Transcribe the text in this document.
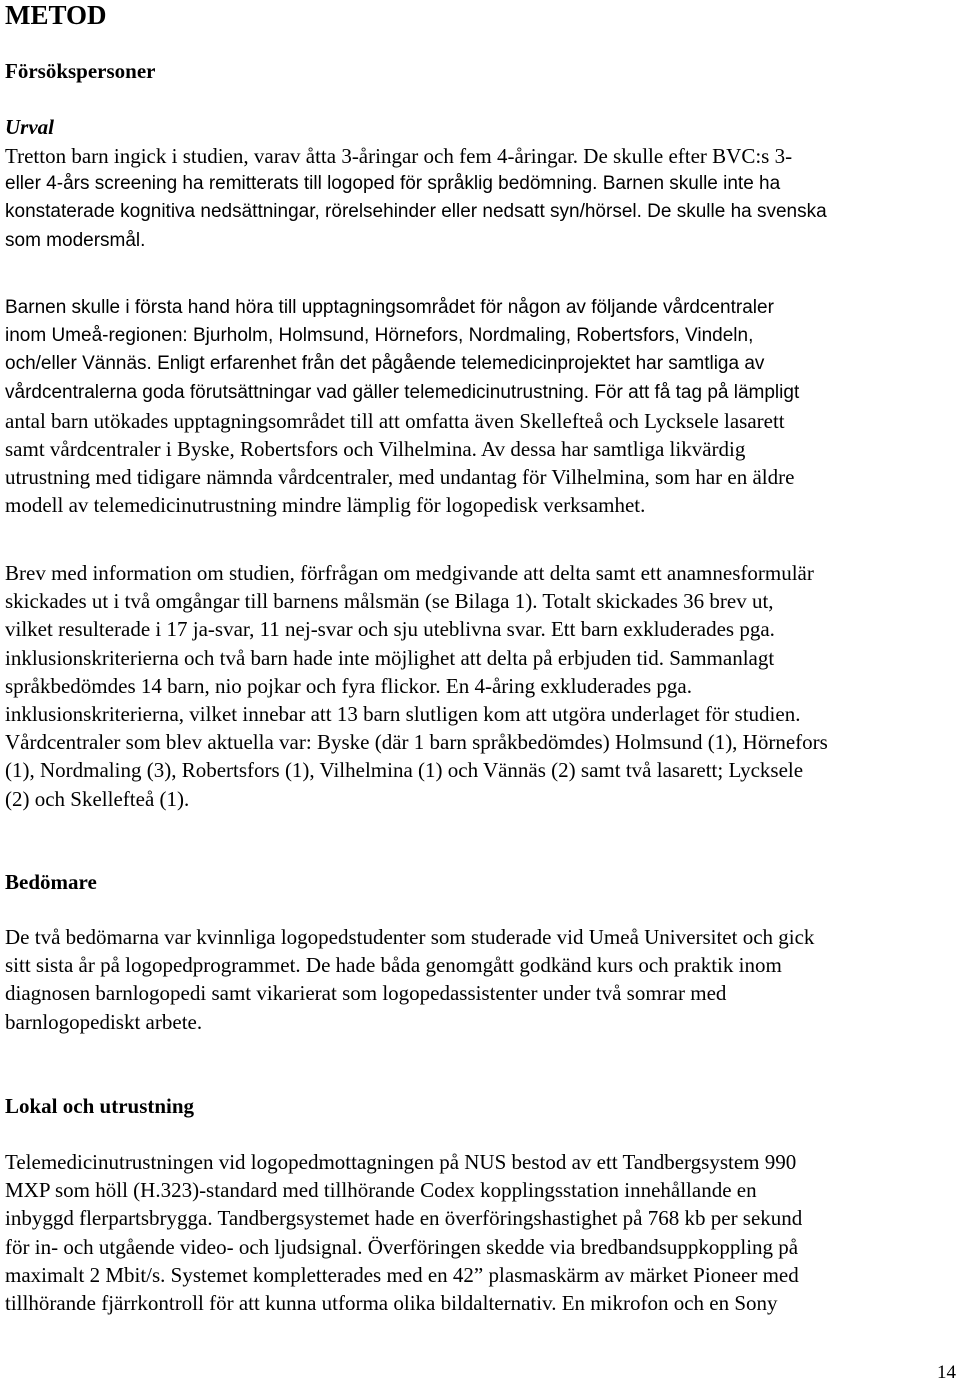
METOD
Försökspersoner
Urval
Tretton barn ingick i studien, varav åtta 3-åringar och fem 4-åringar. De skulle efter BVC:s 3-
eller 4-års screening ha remitterats till logoped för språklig bedömning. Barnen skulle inte ha
konstaterade kognitiva nedsättningar, rörelsehinder eller nedsatt syn/hörsel. De skulle ha svenska
som modersmål.
Barnen skulle i första hand höra till upptagningsområdet för någon av följande vårdcentraler
inom Umeå-regionen: Bjurholm, Holmsund, Hörnefors, Nordmaling, Robertsfors, Vindeln,
och/eller Vännäs. Enligt erfarenhet från det pågående telemedicinprojektet har samtliga av
vårdcentralerna goda förutsättningar vad gäller telemedicinutrustning. För att få tag på lämpligt
antal barn utökades upptagningsområdet till att omfatta även Skellefteå och Lycksele lasarett
samt vårdcentraler i Byske, Robertsfors och Vilhelmina. Av dessa har samtliga likvärdig
utrustning med tidigare nämnda vårdcentraler, med undantag för Vilhelmina, som har en äldre
modell av telemedicinutrustning mindre lämplig för logopedisk verksamhet.
Brev med information om studien, förfrågan om medgivande att delta samt ett anamnesformulär
skickades ut i två omgångar till barnens målsmän (se Bilaga 1). Totalt skickades 36 brev ut,
vilket resulterade i 17 ja-svar, 11 nej-svar och sju uteblivna svar. Ett barn exkluderades pga.
inklusionskriterierna och två barn hade inte möjlighet att delta på erbjuden tid. Sammanlagt
språkbedömdes 14 barn, nio pojkar och fyra flickor. En 4-åring exkluderades pga.
inklusionskriterierna, vilket innebar att 13 barn slutligen kom att utgöra underlaget för studien.
Vårdcentraler som blev aktuella var: Byske (där 1 barn språkbedömdes) Holmsund (1), Hörnefors
(1), Nordmaling (3), Robertsfors (1), Vilhelmina (1) och Vännäs (2) samt två lasarett; Lycksele
(2) och Skellefteå (1).
Bedömare
De två bedömarna var kvinnliga logopedstudenter som studerade vid Umeå Universitet och gick
sitt sista år på logopedprogrammet. De hade båda genomgått godkänd kurs och praktik inom
diagnosen barnlogopedi samt vikarierat som logopedassistenter under två somrar med
barnlogopediskt arbete.
Lokal och utrustning
Telemedicinutrustningen vid logopedmottagningen på NUS bestod av ett Tandbergsystem 990
MXP som höll (H.323)-standard med tillhörande Codex kopplingsstation innehållande en
inbyggd flerpartsbrygga. Tandbergsystemet hade en överföringshastighet på 768 kb per sekund
för in- och utgående video- och ljudsignal. Överföringen skedde via bredbandsuppkoppling på
maximalt 2 Mbit/s. Systemet kompletterades med en 42” plasmaskärm av märket Pioneer med
tillhörande fjärrkontroll för att kunna utforma olika bildalternativ. En mikrofon och en Sony
14
